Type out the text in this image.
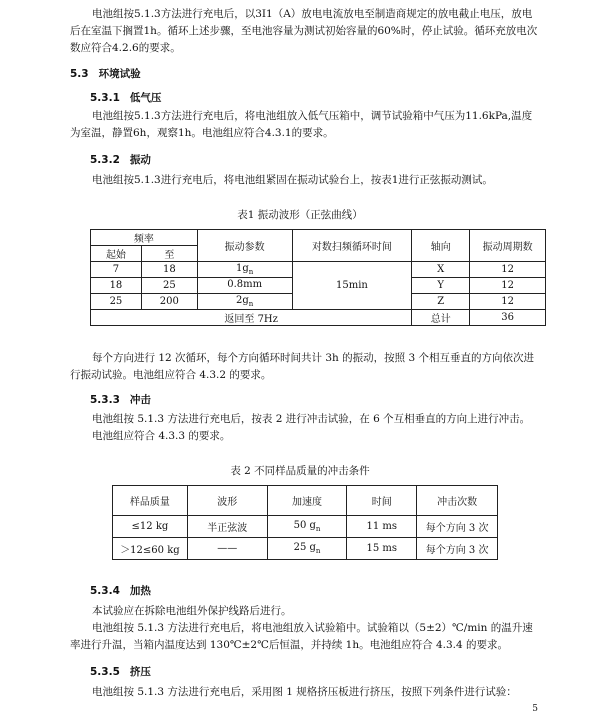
电池组按5.1.3方法进行充电后，以3I1（A）放电电流放电至制造商规定的放电截止电压，放电后在室温下搁置1h。循环上述步骤，至电池容量为测试初始容量的60%时，停止试验。循环充放电次数应符合4.2.6的要求。

5.3 环境试验
5.3.1 低气压

电池组按5.1.3方法进行充电后，将电池组放入低气压箱中，调节试验箱中气压为11.6kPa,温度为室温，静置6h，观察1h。电池组应符合4.3.1的要求。

5.3.2 振动

电池组按5.1.3进行充电后，将电池组紧固在振动试验台上，按表1进行正弦振动测试。

表1 振动波形（正弦曲线）
频率		振动参数	对数扫频循环时间	轴向	振动周期数
起始	至				
7	18	$1g_n$	15min	X	12
18	25	0.8mm		Y	12
25	200	$2g_n$		Z	12
返回至 7Hz				总计	36

每个方向进行 12 次循环，每个方向循环时间共计 3h 的振动，按照 3 个相互垂直的方向依次进行振动试验。电池组应符合 4.3.2 的要求。

5.3.3 冲击

电池组按 5.1.3 方法进行充电后，按表 2 进行冲击试验，在 6 个互相垂直的方向上进行冲击。

电池组应符合 4.3.3 的要求。

表 2 不同样品质量的冲击条件
样品质量	波形	加速度	时间	冲击次数
≤12 kg	半正弦波	50 $g_n$	11 ms	每个方向 3 次
＞12≤60 kg	——	25 $g_n$	15 ms	每个方向 3 次
5.3.4 加热

本试验应在拆除电池组外保护线路后进行。

电池组按 5.1.3 方法进行充电后，将电池组放入试验箱中。试验箱以（5±2）℃/min 的温升速率进行升温，当箱内温度达到 130℃±2℃后恒温，并持续 1h。电池组应符合 4.3.4 的要求。

5.3.5 挤压

电池组按 5.1.3 方法进行充电后，采用图 1 规格挤压板进行挤压，按照下列条件进行试验：

5
